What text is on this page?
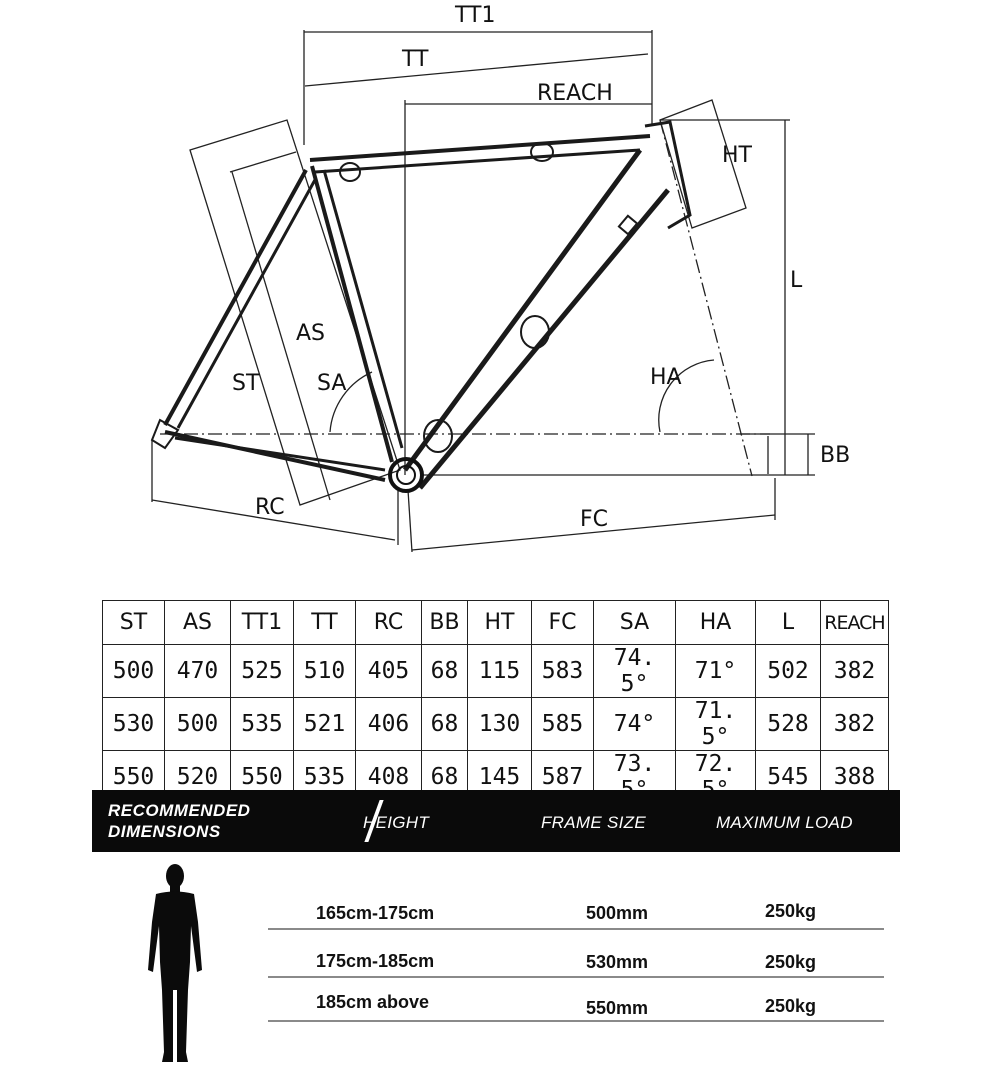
TT1
TT
REACH
HT
L
AS
ST	SA	HA
BB
RC	FC
ST	AS	TT1	TT	RC	BB	HT	FC	SA	HA	L	REACH
500	470	525	510	405	68	115	583	74. 5°	71°	502	382
530	500	535	521	406	68	130	585	74°	71. 5°	528	382
550	520	550	535	408	68	145	587	73.	72.	545	388
RECOMMENDED
DIMENSIONS	HEIGHT	FRAME SIZE	MAXIMUM LOAD
165cm-175cm	500mm	250kg
175cm-185cm	530mm	250kg
185cm above	550mm	250kg
